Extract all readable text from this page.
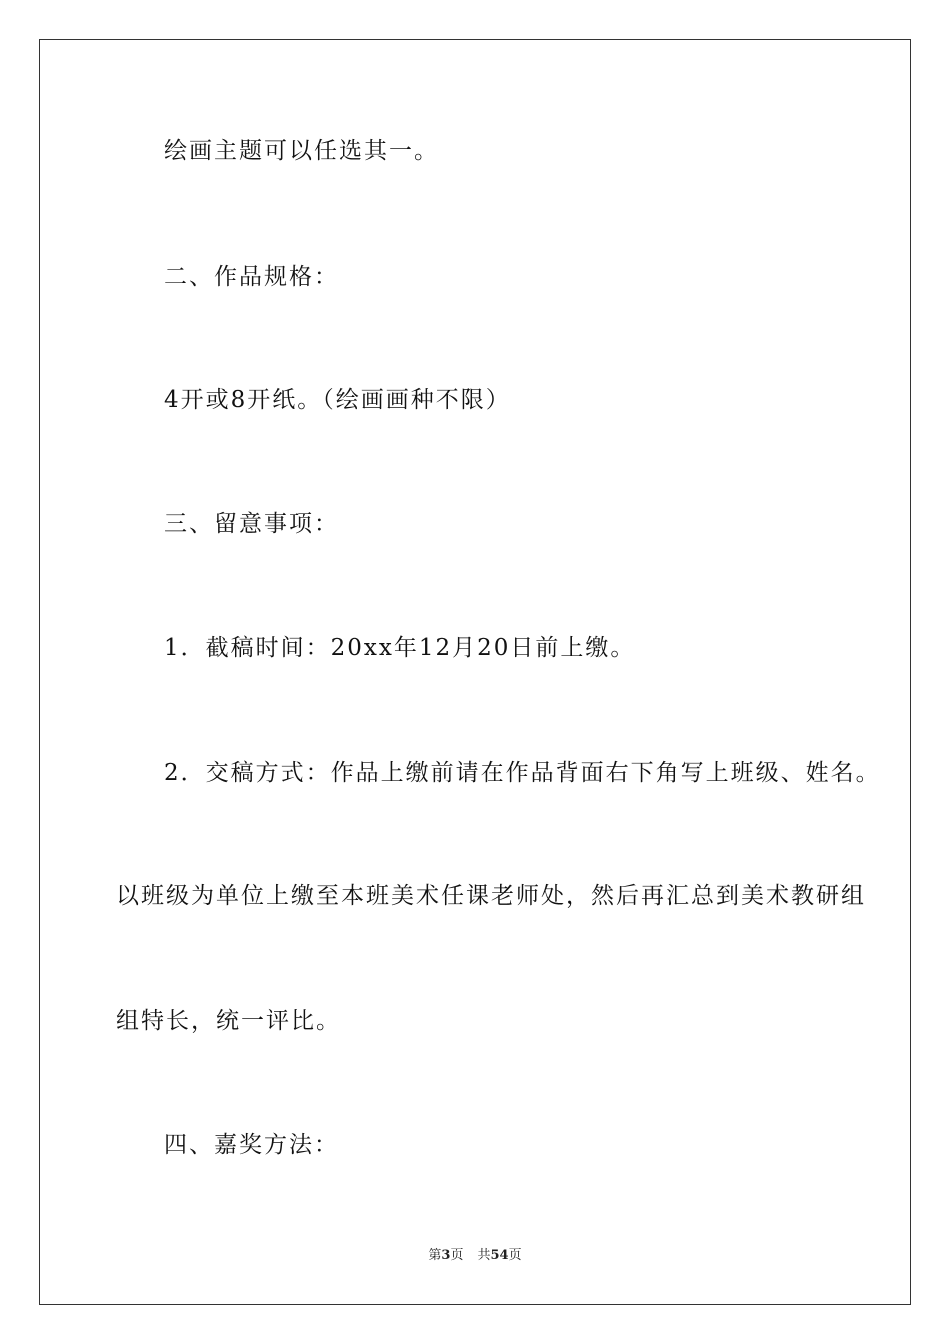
绘画主题可以任选其一。
二、作品规格：
4开或8开纸。（绘画画种不限）
三、留意事项：
1．截稿时间：20xx年12月20日前上缴。
2．交稿方式：作品上缴前请在作品背面右下角写上班级、姓名。
以班级为单位上缴至本班美术任课老师处，然后再汇总到美术教研组
组特长，统一评比。
四、嘉奖方法：
第3页 共54页
